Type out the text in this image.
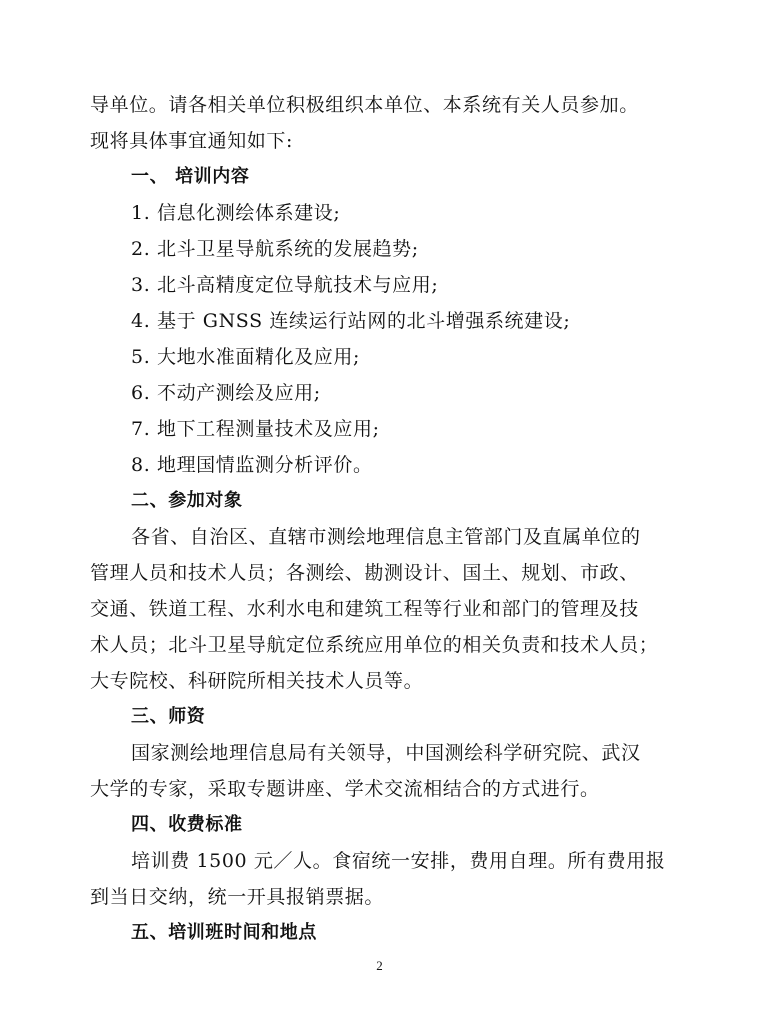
导单位。请各相关单位积极组织本单位、本系统有关人员参加。
现将具体事宜通知如下:
一、 培训内容
1. 信息化测绘体系建设;
2. 北斗卫星导航系统的发展趋势;
3. 北斗高精度定位导航技术与应用;
4. 基于 GNSS 连续运行站网的北斗增强系统建设;
5. 大地水准面精化及应用;
6. 不动产测绘及应用;
7. 地下工程测量技术及应用;
8. 地理国情监测分析评价。
二、参加对象
各省、自治区、直辖市测绘地理信息主管部门及直属单位的
管理人员和技术人员；各测绘、勘测设计、国土、规划、市政、
交通、铁道工程、水利水电和建筑工程等行业和部门的管理及技
术人员；北斗卫星导航定位系统应用单位的相关负责和技术人员；
大专院校、科研院所相关技术人员等。
三、师资
国家测绘地理信息局有关领导，中国测绘科学研究院、武汉
大学的专家，采取专题讲座、学术交流相结合的方式进行。
四、收费标准
培训费 1500 元／人。食宿统一安排，费用自理。所有费用报
到当日交纳，统一开具报销票据。
五、培训班时间和地点
2
